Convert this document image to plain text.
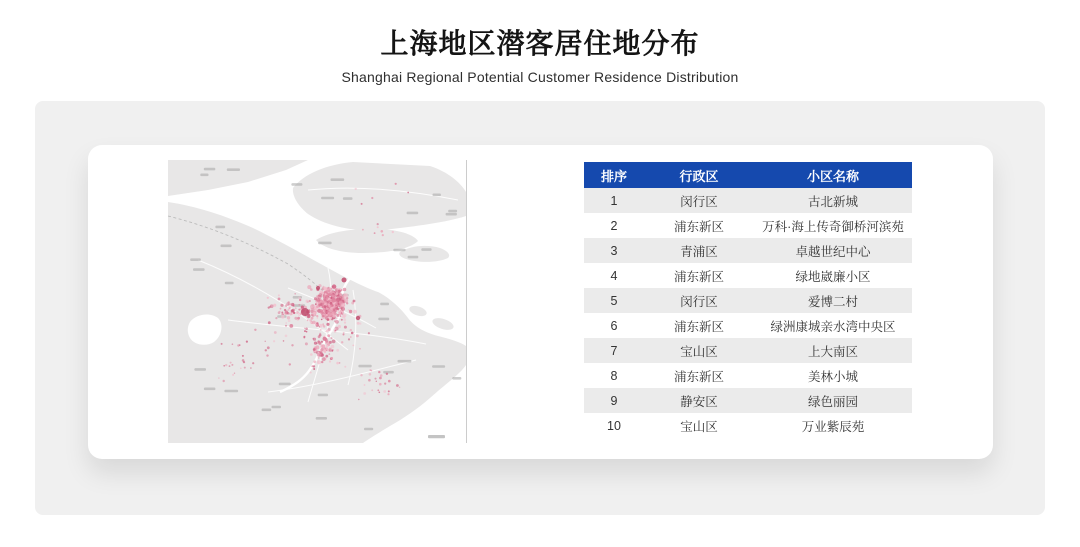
上海地区潜客居住地分布

Shanghai Regional Potential Customer Residence Distribution

排序	行政区	小区名称
1	闵行区	古北新城
2	浦东新区	万科·海上传奇御桥河滨苑
3	青浦区	卓越世纪中心
4	浦东新区	绿地崴廉小区
5	闵行区	爱博二村
6	浦东新区	绿洲康城亲水湾中央区
7	宝山区	上大南区
8	浦东新区	美林小城
9	静安区	绿色丽园
10	宝山区	万业紫辰苑
